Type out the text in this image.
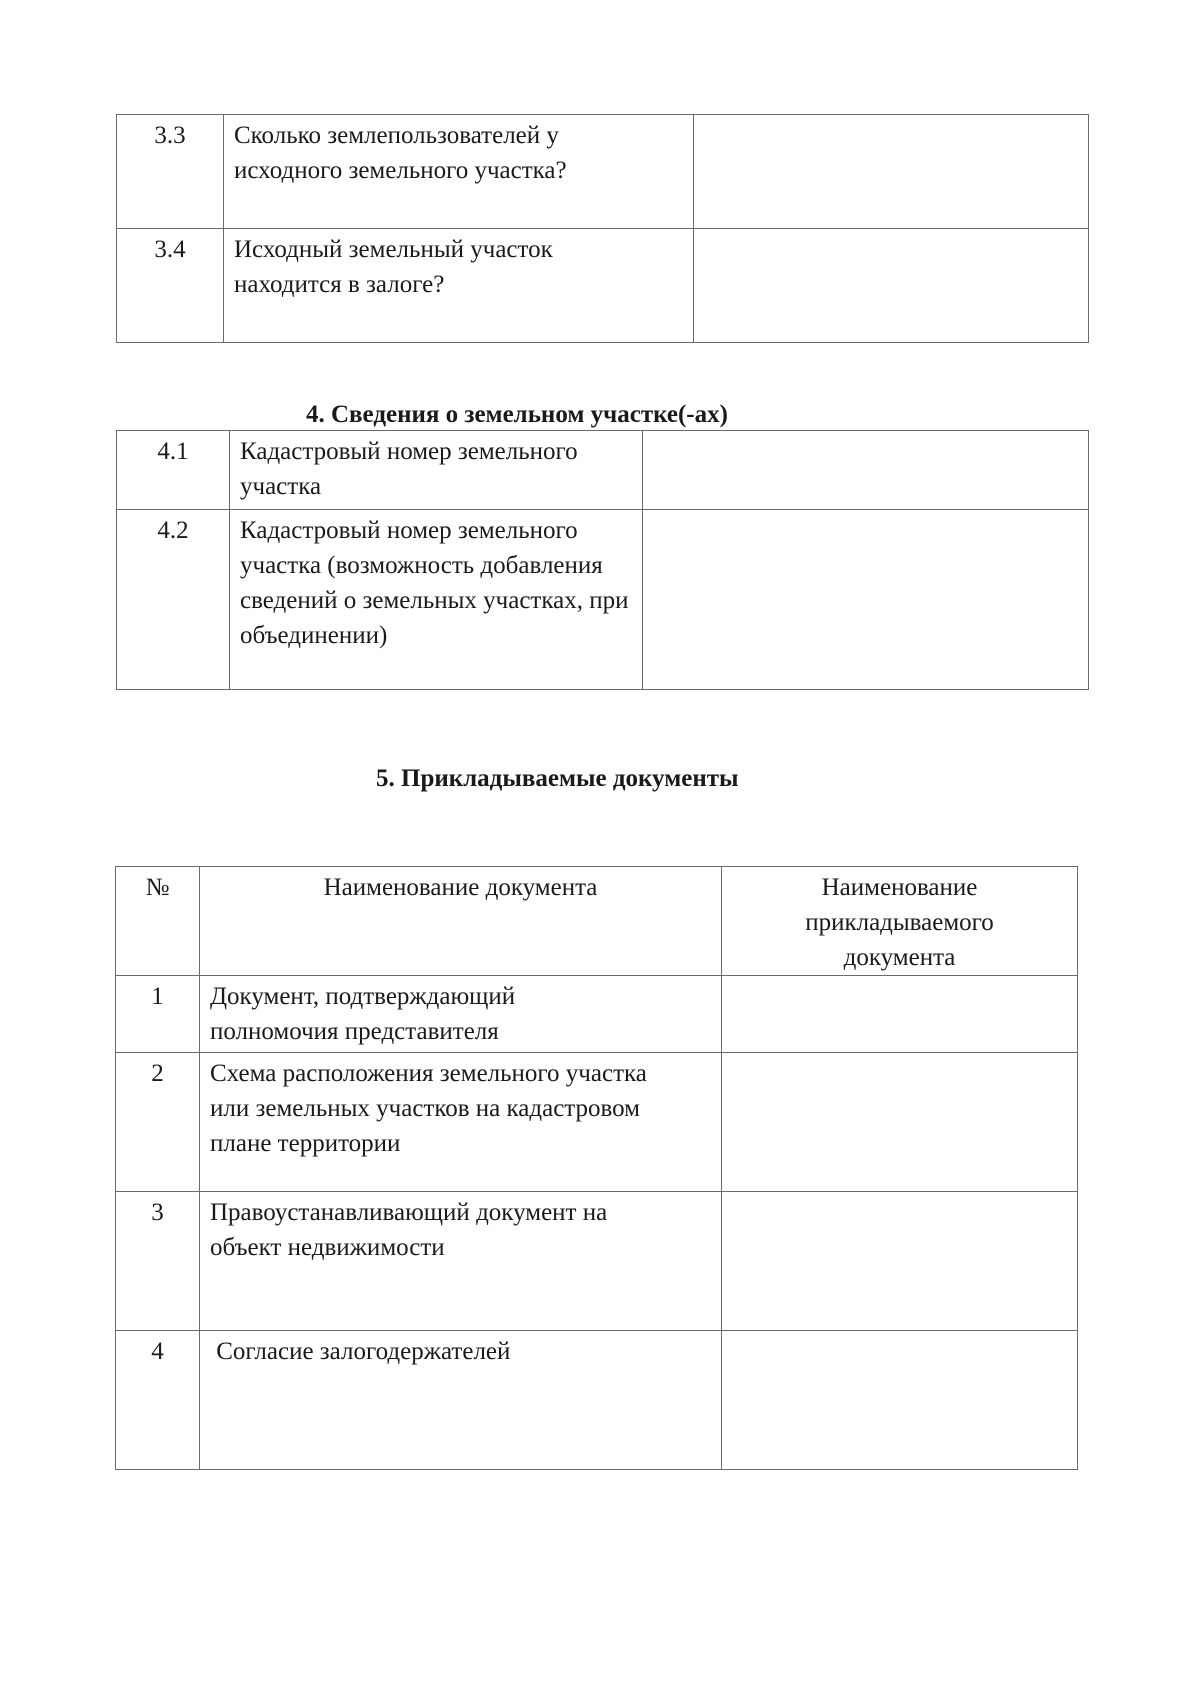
3.3	Сколько землепользователей у исходного земельного участка?	

3.4	Исходный земельный участок находится в залоге?	

4. Сведения о земельном участке(-ах)
4.1	Кадастровый номер земельного участка	

4.2	Кадастровый номер земельного участка (возможность добавления сведений о земельных участках, при объединении)	

5. Прикладываемые документы
№	Наименование документа	Наименование прикладываемого документа

1	Документ, подтверждающий полномочия представителя	

2	Схема расположения земельного участка или земельных участков на кадастровом плане территории	

3	Правоустанавливающий документ на объект недвижимости	

4	Согласие залогодержателей	
